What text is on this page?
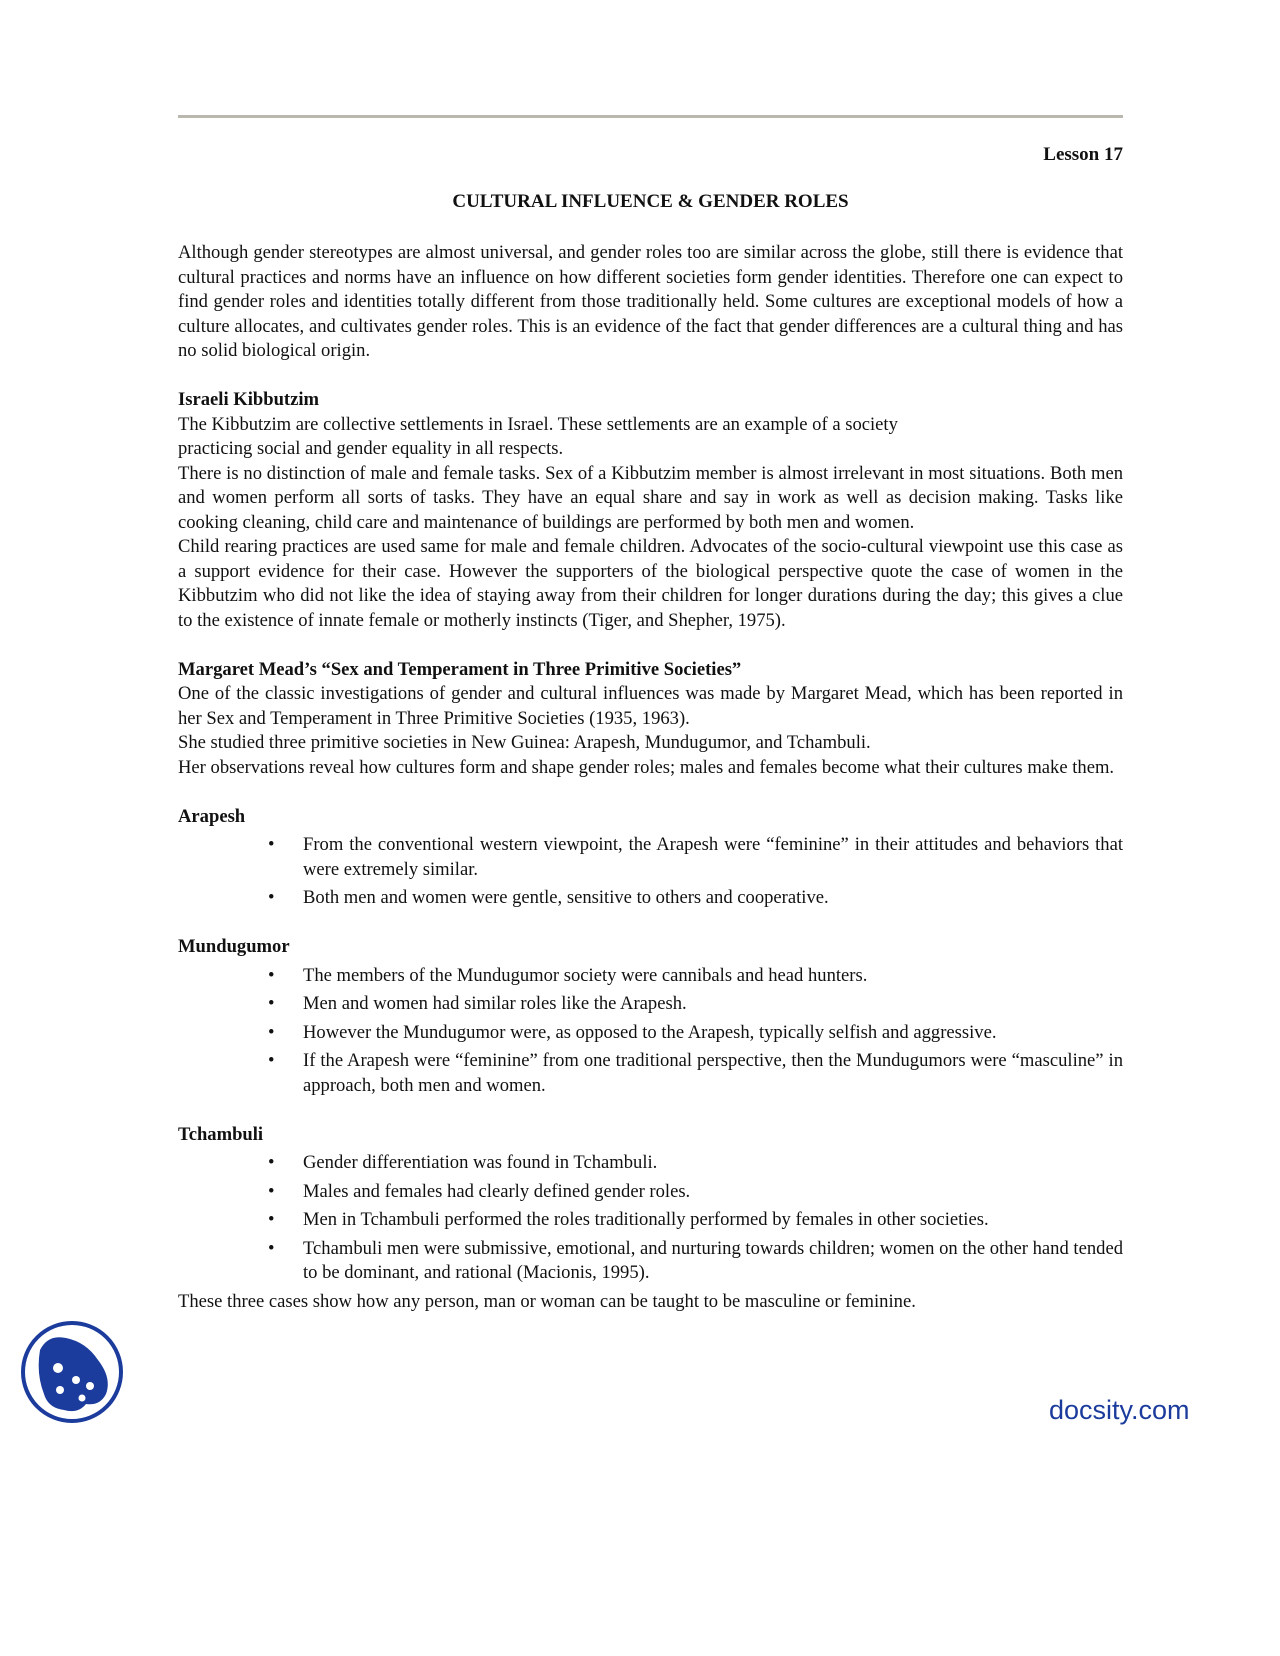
Lesson 17
CULTURAL INFLUENCE & GENDER ROLES

Although gender stereotypes are almost universal, and gender roles too are similar across the globe, still there is evidence that cultural practices and norms have an influence on how different societies form gender identities. Therefore one can expect to find gender roles and identities totally different from those traditionally held. Some cultures are exceptional models of how a culture allocates, and cultivates gender roles. This is an evidence of the fact that gender differences are a cultural thing and has no solid biological origin.

Israeli Kibbutzim
The Kibbutzim are collective settlements in Israel. These settlements are an example of a society
practicing social and gender equality in all respects.

There is no distinction of male and female tasks. Sex of a Kibbutzim member is almost irrelevant in most situations. Both men and women perform all sorts of tasks. They have an equal share and say in work as well as decision making. Tasks like cooking cleaning, child care and maintenance of buildings are performed by both men and women.

Child rearing practices are used same for male and female children. Advocates of the socio-cultural viewpoint use this case as a support evidence for their case. However the supporters of the biological perspective quote the case of women in the Kibbutzim who did not like the idea of staying away from their children for longer durations during the day; this gives a clue to the existence of innate female or motherly instincts (Tiger, and Shepher, 1975).

Margaret Mead’s “Sex and Temperament in Three Primitive Societies”

One of the classic investigations of gender and cultural influences was made by Margaret Mead, which has been reported in her Sex and Temperament in Three Primitive Societies (1935, 1963).

She studied three primitive societies in New Guinea: Arapesh, Mundugumor, and Tchambuli.

Her observations reveal how cultures form and shape gender roles; males and females become what their cultures make them.

Arapesh
• From the conventional western viewpoint, the Arapesh were “feminine” in their attitudes and behaviors that were extremely similar.
• Both men and women were gentle, sensitive to others and cooperative.
Mundugumor
• The members of the Mundugumor society were cannibals and head hunters.
• Men and women had similar roles like the Arapesh.
• However the Mundugumor were, as opposed to the Arapesh, typically selfish and aggressive.
• If the Arapesh were “feminine” from one traditional perspective, then the Mundugumors were “masculine” in approach, both men and women.
Tchambuli
• Gender differentiation was found in Tchambuli.
• Males and females had clearly defined gender roles.
• Men in Tchambuli performed the roles traditionally performed by females in other societies.
• Tchambuli men were submissive, emotional, and nurturing towards children; women on the other hand tended to be dominant, and rational (Macionis, 1995).

These three cases show how any person, man or woman can be taught to be masculine or feminine.

docsity.com
